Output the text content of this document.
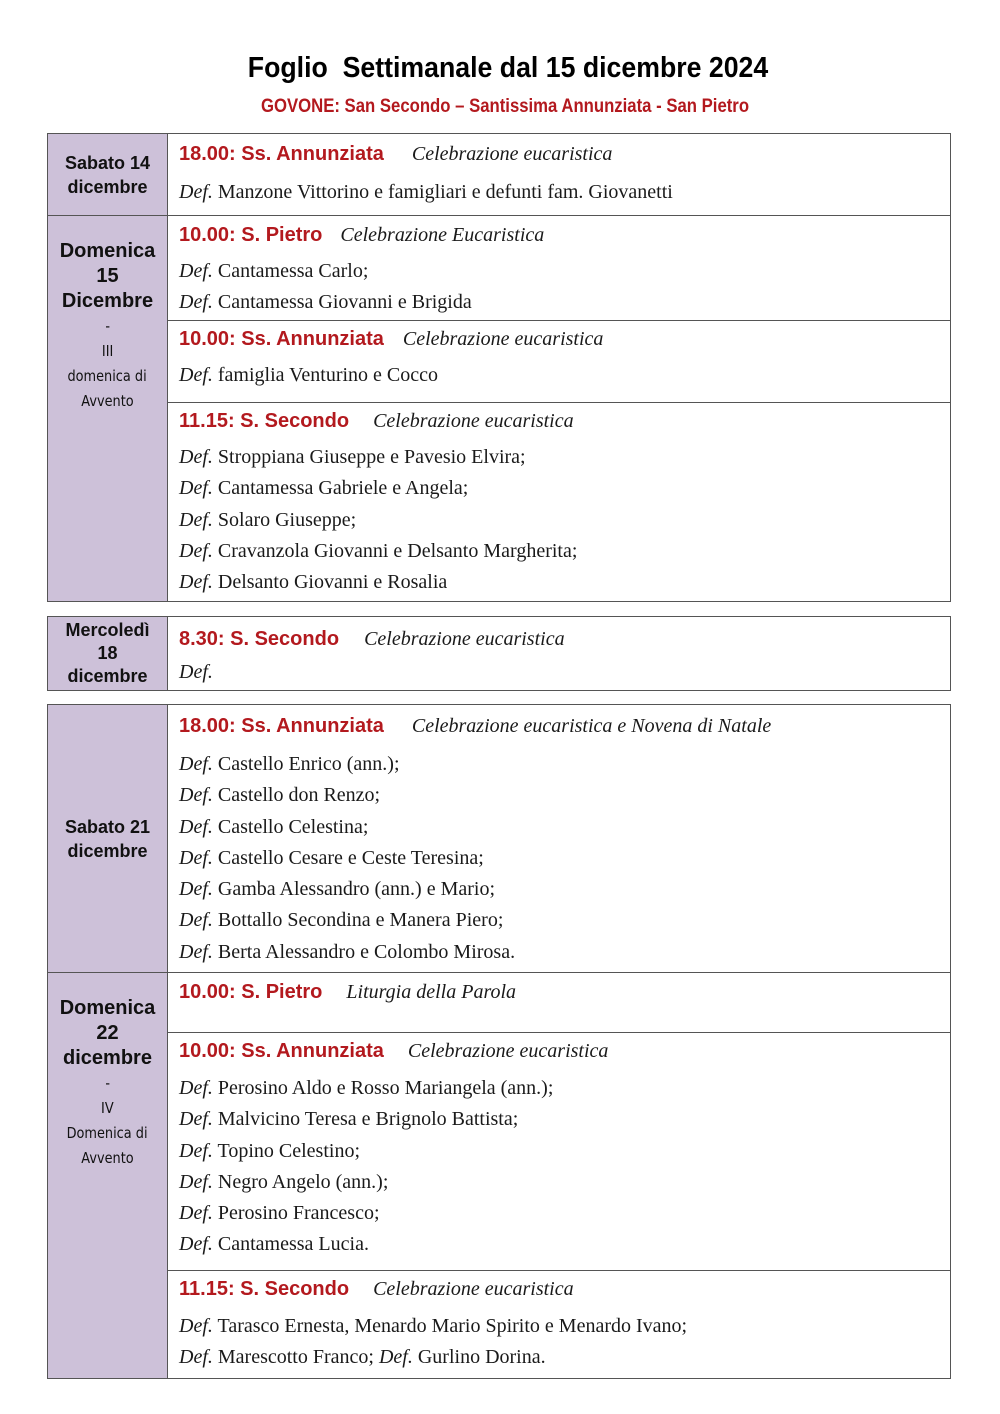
Foglio  Settimanale dal 15 dicembre 2024
GOVONE: San Secondo – Santissima Annunziata - San Pietro
Sabato 14
dicembre
18.00: Ss. Annunziata Celebrazione eucaristica
Def. Manzone Vittorino e famigliari e defunti fam. Giovanetti
Domenica
15
Dicembre
-
III
domenica di
Avvento
10.00: S. Pietro Celebrazione Eucaristica
Def. Cantamessa Carlo;
Def. Cantamessa Giovanni e Brigida
10.00: Ss. Annunziata Celebrazione eucaristica
Def. famiglia Venturino e Cocco
11.15: S. Secondo Celebrazione eucaristica
Def. Stroppiana Giuseppe e Pavesio Elvira;
Def. Cantamessa Gabriele e Angela;
Def. Solaro Giuseppe;
Def. Cravanzola Giovanni e Delsanto Margherita;
Def. Delsanto Giovanni e Rosalia
Mercoledì
18
dicembre
8.30: S. Secondo Celebrazione eucaristica
Def.
Sabato 21
dicembre
18.00: Ss. Annunziata Celebrazione eucaristica e Novena di Natale
Def. Castello Enrico (ann.);
Def. Castello don Renzo;
Def. Castello Celestina;
Def. Castello Cesare e Ceste Teresina;
Def. Gamba Alessandro (ann.) e Mario;
Def. Bottallo Secondina e Manera Piero;
Def. Berta Alessandro e Colombo Mirosa.
Domenica
22
dicembre
-
IV
Domenica di
Avvento
10.00: S. Pietro Liturgia della Parola
10.00: Ss. Annunziata Celebrazione eucaristica
Def. Perosino Aldo e Rosso Mariangela (ann.);
Def. Malvicino Teresa e Brignolo Battista;
Def. Topino Celestino;
Def. Negro Angelo (ann.);
Def. Perosino Francesco;
Def. Cantamessa Lucia.
11.15: S. Secondo Celebrazione eucaristica
Def. Tarasco Ernesta, Menardo Mario Spirito e Menardo Ivano;
Def. Marescotto Franco; Def. Gurlino Dorina.
